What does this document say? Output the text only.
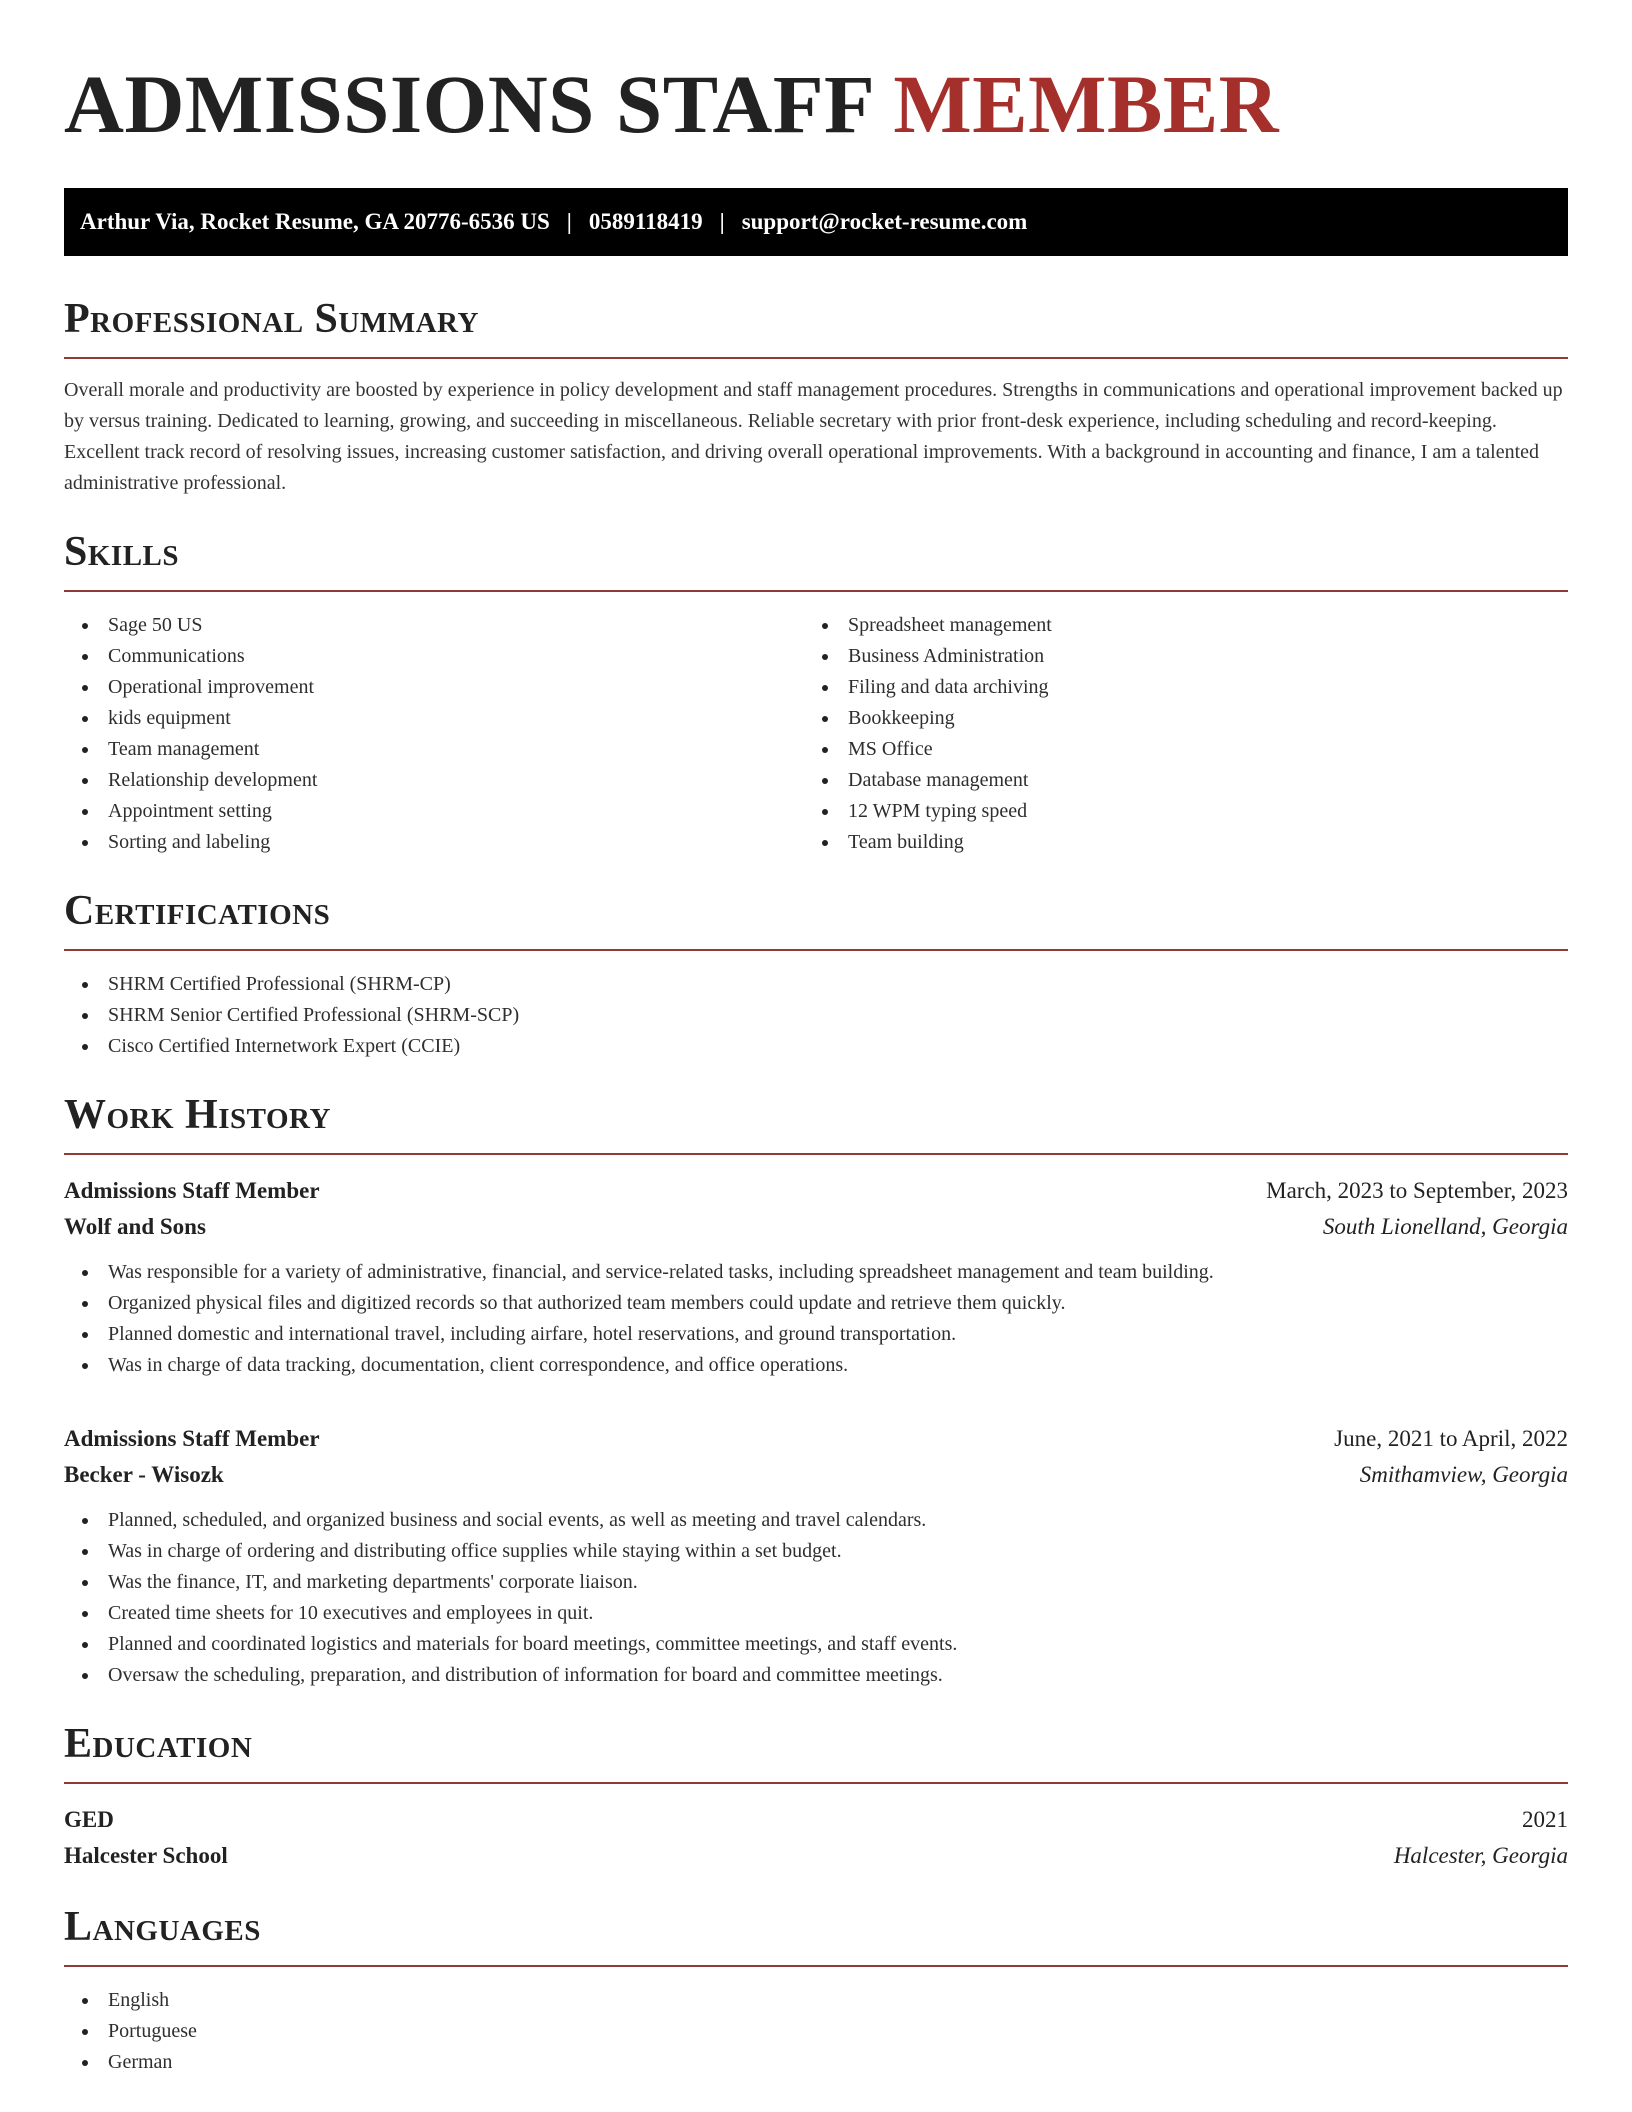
ADMISSIONS STAFF MEMBER
Arthur Via, Rocket Resume, GA 20776-6536 US | 0589118419 | support@rocket-resume.com
Professional Summary

Overall morale and productivity are boosted by experience in policy development and staff management procedures. Strengths in communications and operational improvement backed up by versus training. Dedicated to learning, growing, and succeeding in miscellaneous. Reliable secretary with prior front-desk experience, including scheduling and record-keeping. Excellent track record of resolving issues, increasing customer satisfaction, and driving overall operational improvements. With a background in accounting and finance, I am a talented administrative professional.

Skills
Sage 50 US
Communications
Operational improvement
kids equipment
Team management
Relationship development
Appointment setting
Sorting and labeling
Spreadsheet management
Business Administration
Filing and data archiving
Bookkeeping
MS Office
Database management
12 WPM typing speed
Team building
Certifications
SHRM Certified Professional (SHRM-CP)
SHRM Senior Certified Professional (SHRM-SCP)
Cisco Certified Internetwork Expert (CCIE)
Work History
Admissions Staff Member	March, 2023 to September, 2023
Wolf and Sons	South Lionelland, Georgia
Was responsible for a variety of administrative, financial, and service-related tasks, including spreadsheet management and team building.
Organized physical files and digitized records so that authorized team members could update and retrieve them quickly.
Planned domestic and international travel, including airfare, hotel reservations, and ground transportation.
Was in charge of data tracking, documentation, client correspondence, and office operations.
Admissions Staff Member	June, 2021 to April, 2022
Becker - Wisozk	Smithamview, Georgia
Planned, scheduled, and organized business and social events, as well as meeting and travel calendars.
Was in charge of ordering and distributing office supplies while staying within a set budget.
Was the finance, IT, and marketing departments' corporate liaison.
Created time sheets for 10 executives and employees in quit.
Planned and coordinated logistics and materials for board meetings, committee meetings, and staff events.
Oversaw the scheduling, preparation, and distribution of information for board and committee meetings.
Education
GED	2021
Halcester School	Halcester, Georgia
Languages
English
Portuguese
German
